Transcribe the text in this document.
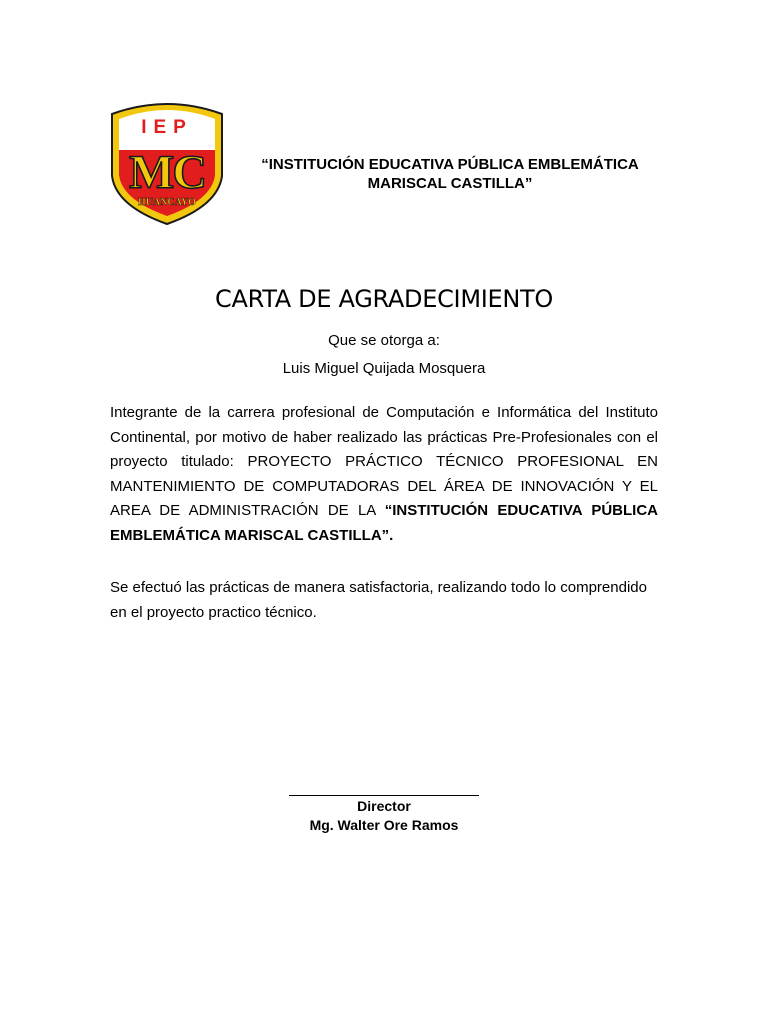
IEP
MC
HUANCAYO
“INSTITUCIÓN EDUCATIVA PÚBLICA EMBLEMÁTICA
MARISCAL CASTILLA”
CARTA DE AGRADECIMIENTO
Que se otorga a:
Luis Miguel Quijada Mosquera

Integrante de la carrera profesional de Computación e Informática del Instituto Continental, por motivo de haber realizado las prácticas Pre-Profesionales con el proyecto titulado: PROYECTO PRÁCTICO TÉCNICO PROFESIONAL EN MANTENIMIENTO DE COMPUTADORAS DEL ÁREA DE INNOVACIÓN Y EL AREA DE ADMINISTRACIÓN DE LA “INSTITUCIÓN EDUCATIVA PÚBLICA EMBLEMÁTICA MARISCAL CASTILLA”.

Se efectuó las prácticas de manera satisfactoria, realizando todo lo comprendido en el proyecto practico técnico.

Director
Mg. Walter Ore Ramos
